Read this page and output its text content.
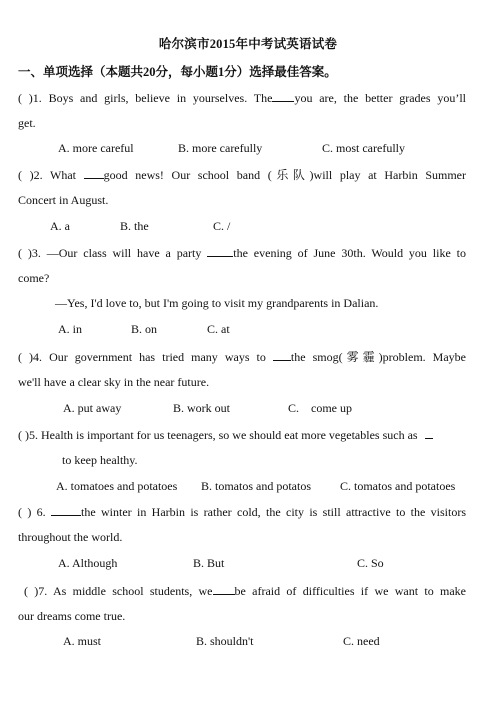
哈尔滨市2015年中考试英语试卷
一、单项选择（本题共20分，每小题1分）选择最佳答案。
( )1. Boys and girls, believe in yourselves. The you are, the better grades you’ll
get.
A. more careful	B. more carefully	C. most carefully
( )2. What good news! Our school band (乐队)will play at Harbin Summer
Concert in August.
A. a	B. the	C. /
( )3. —Our class will have a party	the evening of June 30th. Would you like to
come?
—Yes, I'd love to, but I'm going to visit my grandparents in Dalian.
A. in	B. on	C. at
( )4. Our government has tried many ways to the smog(雾霾)problem. Maybe
we'll have a clear sky in the near future.
A. put away	B. work out	C.    come up
( )5. Health is important for us teenagers, so we should eat more vegetables such as
to keep healthy.
A. tomatoes and potatoes B. tomatos and potatos C. tomatos and potatoes
( ) 6.	the winter in Harbin is rather cold, the city is still attractive to the visitors
throughout the world.
A. Although	B. But	C. So
( )7. As middle school students, we be afraid of difficulties if we want to make
our dreams come true.
A. must	B. shouldn't	C. need
